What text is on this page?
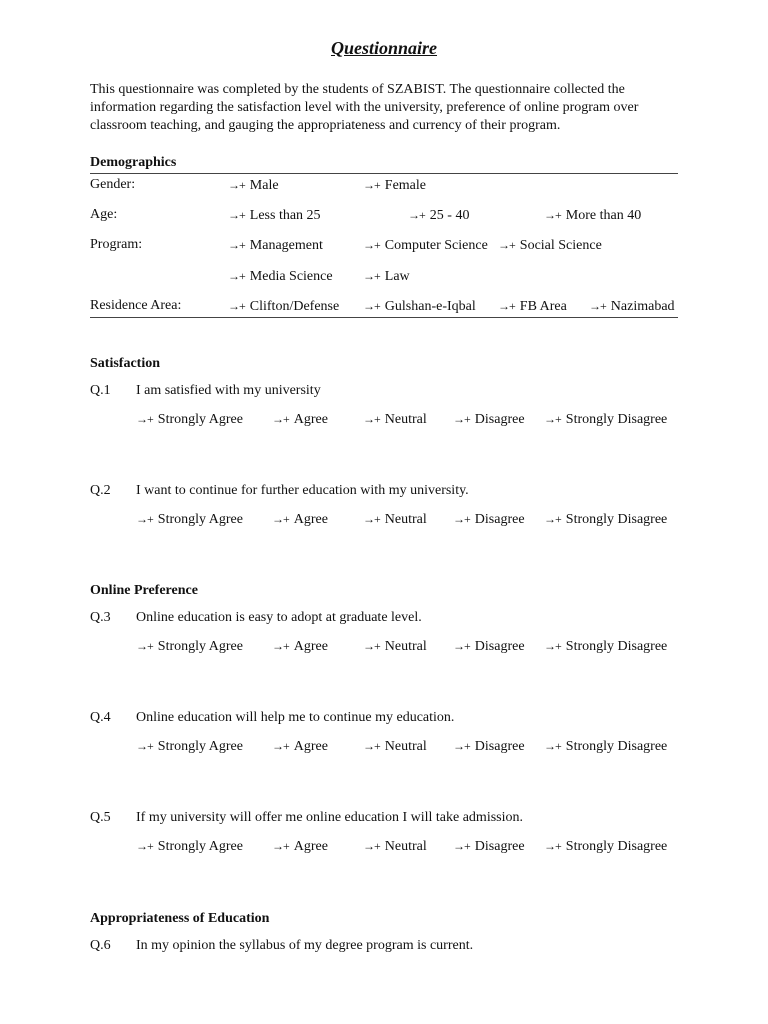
Questionnaire
This questionnaire was completed by the students of SZABIST. The questionnaire collected the information regarding the satisfaction level with the university, preference of online program over classroom teaching, and gauging the appropriateness and currency of their program.
Demographics
Gender:	→+ Male	→+ Female
Age:	→+ Less than 25	→+ 25 - 40	→+ More than 40
Program:	→+ Management	→+ Computer Science →+ Social Science
→+ Media Science	→+ Law
Residence Area:	→+ Clifton/Defense →+ Gulshan-e-Iqbal →+ FB Area →+ Nazimabad
Satisfaction
Q.1 I am satisfied with my university
→+ Strongly Agree →+ Agree	→+ Neutral →+ Disagree →+ Strongly Disagree
Q.2 I want to continue for further education with my university.
→+ Strongly Agree →+ Agree	→+ Neutral →+ Disagree →+ Strongly Disagree
Online Preference
Q.3 Online education is easy to adopt at graduate level.
→+ Strongly Agree →+ Agree	→+ Neutral →+ Disagree →+ Strongly Disagree
Q.4 Online education will help me to continue my education.
→+ Strongly Agree →+ Agree	→+ Neutral →+ Disagree →+ Strongly Disagree
Q.5 If my university will offer me online education I will take admission.
→+ Strongly Agree →+ Agree	→+ Neutral →+ Disagree →+ Strongly Disagree
Appropriateness of Education
Q.6 In my opinion the syllabus of my degree program is current.
